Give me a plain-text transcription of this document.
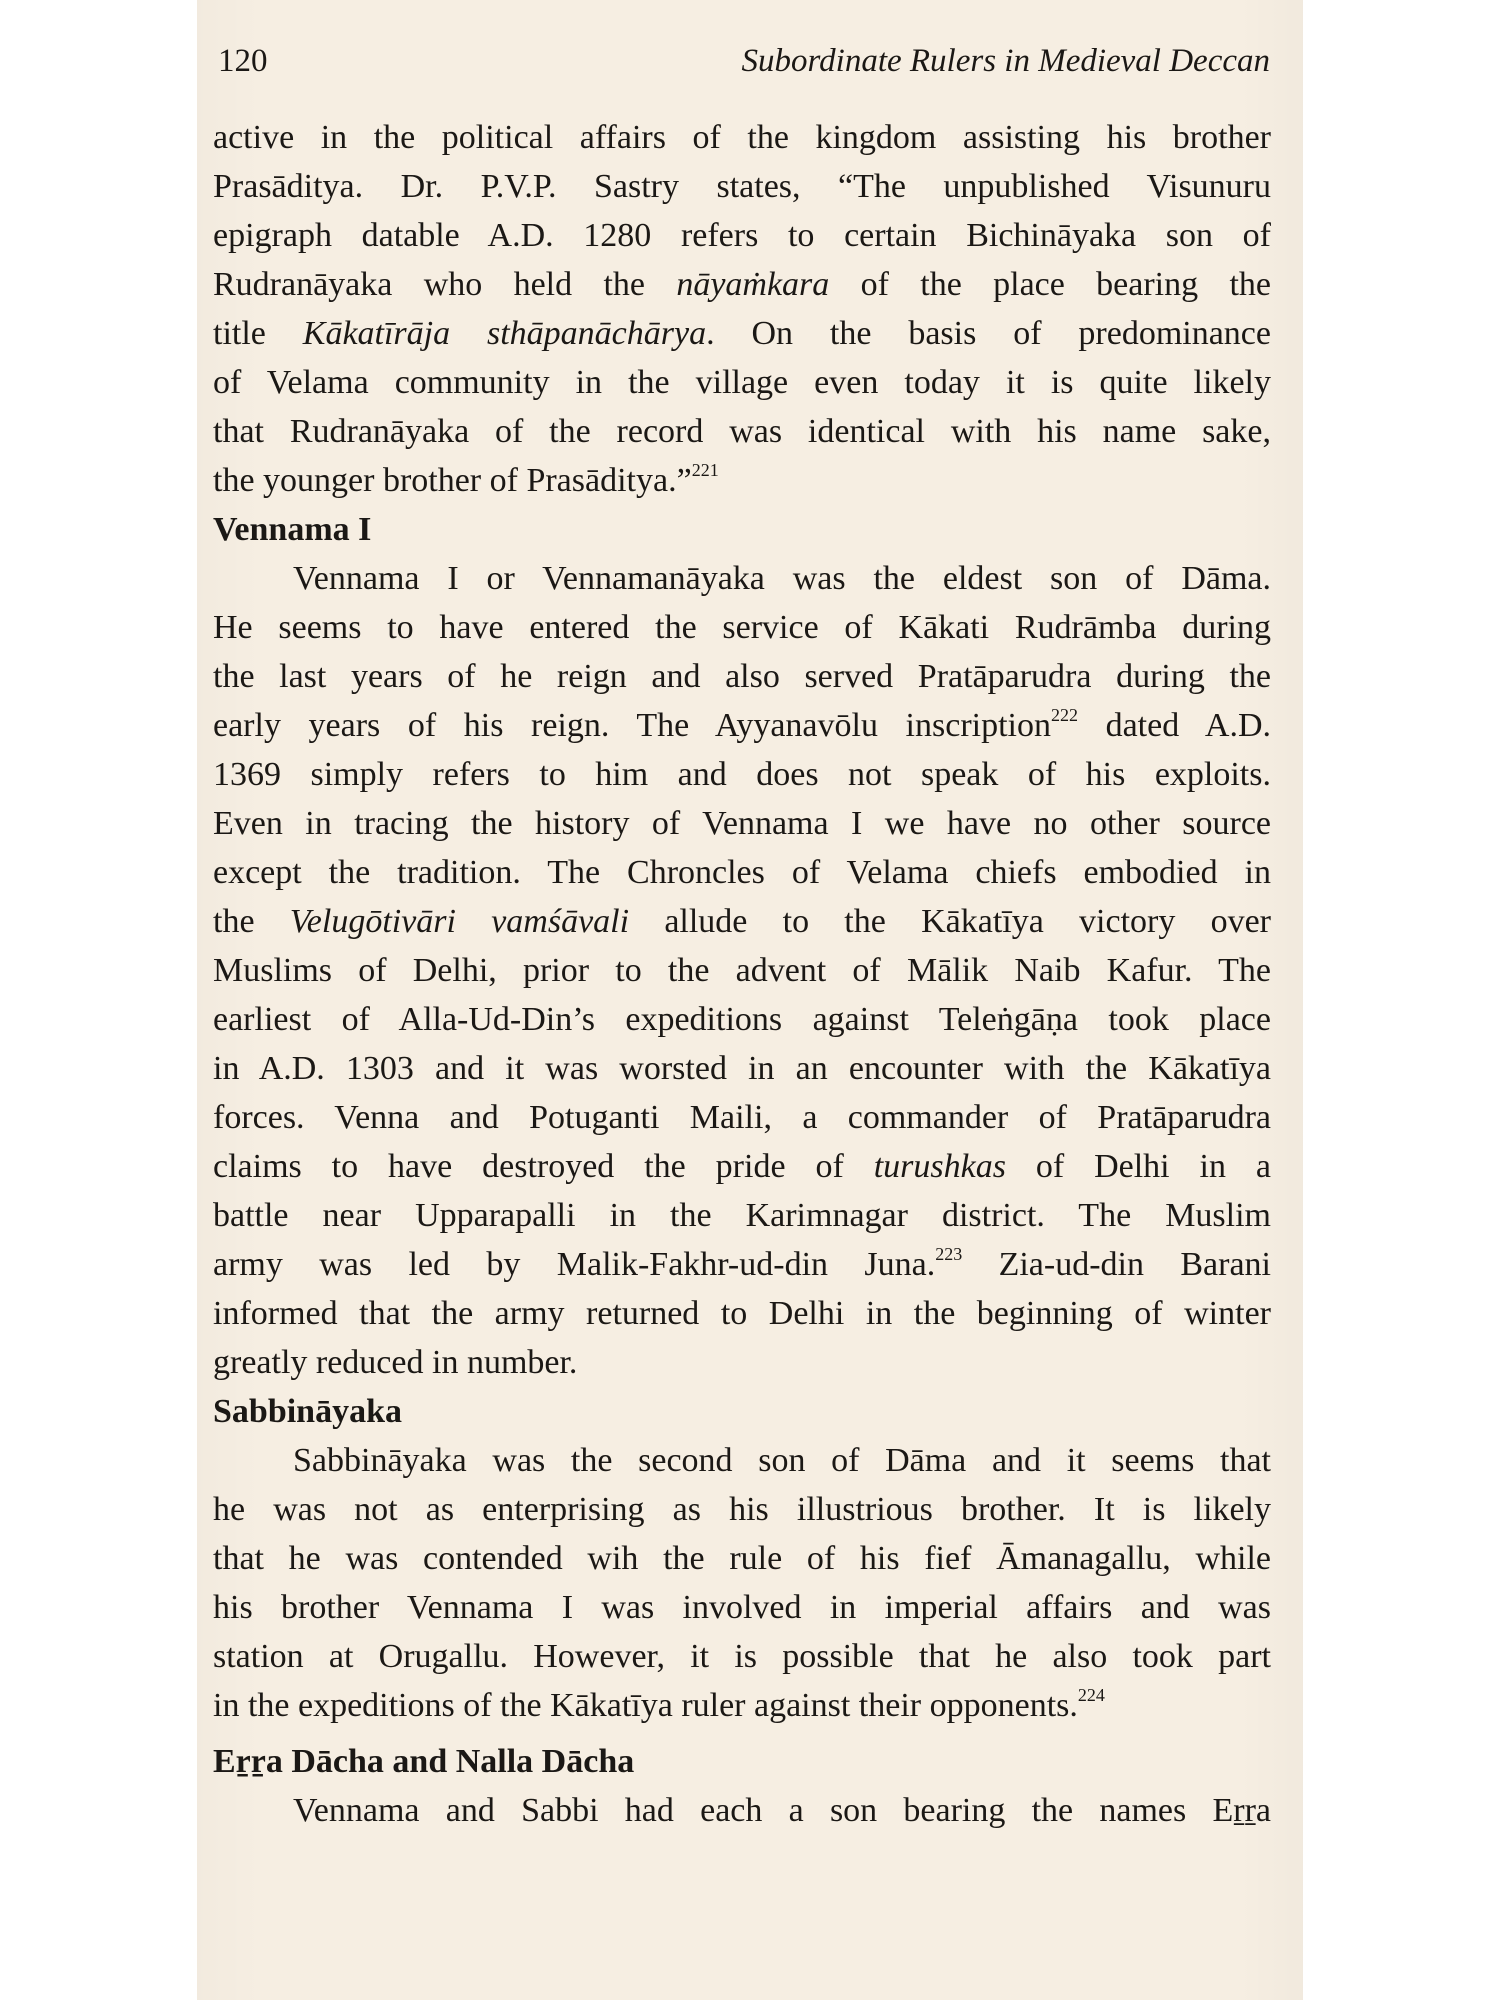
120	Subordinate Rulers in Medieval Deccan
active in the political affairs of the kingdom assisting his brother
Prasāditya. Dr. P.V.P. Sastry states, “The unpublished Visunuru
epigraph datable A.D. 1280 refers to certain Bichināyaka son of
Rudranāyaka who held the nāyaṁkara of the place bearing the
title Kākatīrāja sthāpanāchārya. On the basis of predominance
of Velama community in the village even today it is quite likely
that Rudranāyaka of the record was identical with his name sake,
the younger brother of Prasāditya.”$^{221}$
Vennama I
Vennama I or Vennamanāyaka was the eldest son of Dāma.
He seems to have entered the service of Kākati Rudrāmba during
the last years of he reign and also served Pratāparudra during the
early years of his reign. The Ayyanavōlu inscription$^{222}$ dated A.D.
1369 simply refers to him and does not speak of his exploits.
Even in tracing the history of Vennama I we have no other source
except the tradition. The Chroncles of Velama chiefs embodied in
the Velugōtivāri vamśāvali allude to the Kākatīya victory over
Muslims of Delhi, prior to the advent of Mālik Naib Kafur. The
earliest of Alla-Ud-Din’s expeditions against Teleṅgāṇa took place
in A.D. 1303 and it was worsted in an encounter with the Kākatīya
forces. Venna and Potuganti Maili, a commander of Pratāparudra
claims to have destroyed the pride of turushkas of Delhi in a
battle near Upparapalli in the Karimnagar district. The Muslim
army was led by Malik-Fakhr-ud-din Juna.$^{223}$ Zia-ud-din Barani
informed that the army returned to Delhi in the beginning of winter
greatly reduced in number.
Sabbināyaka
Sabbināyaka was the second son of Dāma and it seems that
he was not as enterprising as his illustrious brother. It is likely
that he was contended wih the rule of his fief Āmanagallu, while
his brother Vennama I was involved in imperial affairs and was
station at Orugallu. However, it is possible that he also took part
in the expeditions of the Kākatīya ruler against their opponents.$^{224}$
Eṟṟa Dācha and Nalla Dācha
Vennama and Sabbi had each a son bearing the names Eṟṟa
